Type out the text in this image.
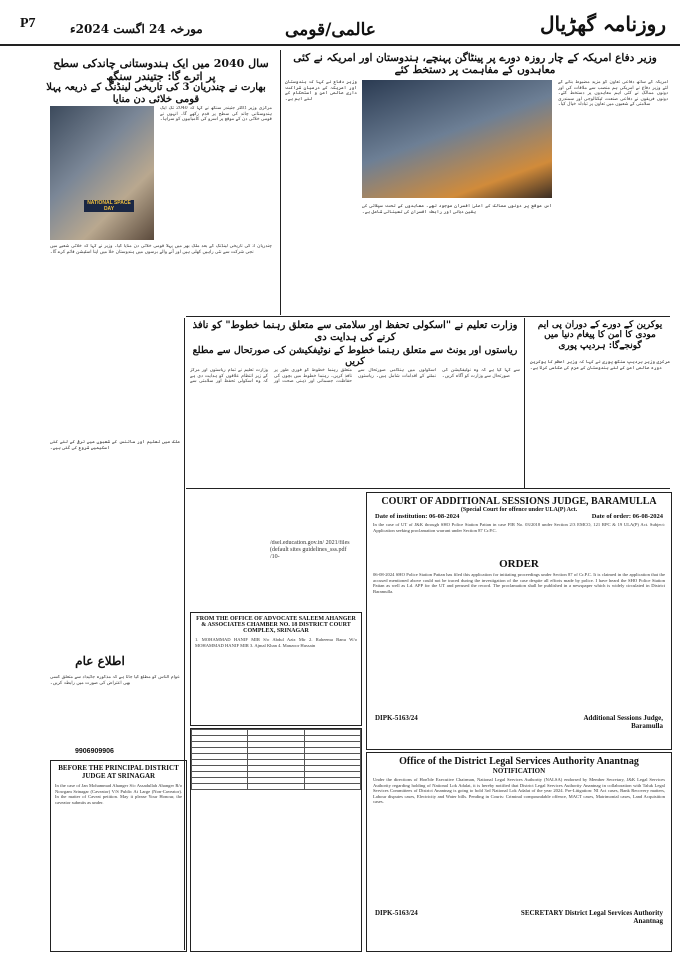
P7	مورخہ 24 اگست 2024ء	عالمی/قومی	روزنامہ گھڑیال
وزیر دفاع امریکہ کے چار روزہ دورے پر پینٹاگن پہنچے، ہندوستان اور امریکہ نے کئی معاہدوں کے مفاہمت پر دستخط کئے
امریکہ کے ساتھ دفاعی تعاون کو مزید مضبوط بنانے کے لئے وزیر دفاع نے امریکی ہم منصب سے ملاقات کی اور دونوں ممالک نے کئی اہم معاہدوں پر دستخط کئے۔ دونوں فریقوں نے دفاعی صنعت، ٹیکنالوجی اور سمندری سلامتی کے شعبوں میں تعاون پر تبادلہ خیال کیا۔
وزیر دفاع نے کہا کہ ہندوستان اور امریکہ کے درمیان شراکت داری عالمی امن و استحکام کے لئے اہم ہے۔
اس موقع پر دونوں ممالک کے اعلیٰ افسران موجود تھے۔ معاہدوں کے تحت سپلائی کی یقین دہانی اور رابطہ افسران کی تعیناتی شامل ہے۔
سال 2040 میں ایک ہندوستانی چاندکی سطح پر اترے گا: جتیندر سنگھ
بھارت نے چندریان 3 کی تاریخی لینڈنگ کے ذریعہ پہلا قومی خلائی دن منایا
NATIONAL SPACE DAY
مرکزی وزیر ڈاکٹر جتیندر سنگھ نے کہا کہ 2040 تک ایک ہندوستانی چاند کی سطح پر قدم رکھے گا۔ انہوں نے قومی خلائی دن کے موقع پر اسرو کی کامیابیوں کو سراہا۔
چندریان 3 کی تاریخی لینڈنگ کے بعد ملک بھر میں پہلا قومی خلائی دن منایا گیا۔ وزیر نے کہا کہ خلائی شعبے میں نجی شرکت سے نئی راہیں کھلی ہیں اور آنے والے برسوں میں ہندوستان خلا میں اپنا اسٹیشن قائم کرے گا۔
یوکرین کے دورے کے دوران پی ایم مودی کا امن کا پیغام دنیا میں گونجےگا: ہردیپ پوری
مرکزی وزیر ہردیپ سنگھ پوری نے کہا کہ وزیر اعظم کا یوکرین دورہ عالمی امن کے لئے ہندوستان کے عزم کی عکاسی کرتا ہے۔
وزارت تعلیم نے "اسکولی تحفظ اور سلامتی سے متعلق رہنما خطوط" کو نافذ کرنے کی ہدایت دی
ریاستوں اور یونٹ سے متعلق رہنما خطوط کے نوٹیفکیشن کی صورتحال سے مطلع کریں
وزارت تعلیم نے تمام ریاستوں اور مرکز کے زیر انتظام علاقوں کو ہدایت دی ہے کہ وہ اسکولی تحفظ اور سلامتی سے متعلق رہنما خطوط کو فوری طور پر نافذ کریں۔ رہنما خطوط میں بچوں کی حفاظت، جسمانی اور ذہنی صحت اور اسکولوں میں ہنگامی صورتحال سے نمٹنے کے اقدامات شامل ہیں۔ ریاستوں سے کہا گیا ہے کہ وہ نوٹیفکیشن کی صورتحال سے وزارت کو آگاہ کریں۔
/dsel.education.gov.in/ 2021/files (default sites guidelines_sss.pdf /10-
ملک میں تعلیم اور سائنس کے شعبوں میں ترقی کے لئے کئی اسکیمیں شروع کی گئی ہیں۔
FROM THE OFFICE OF ADVOCATE SALEEM AHANGER & ASSOCIATES CHAMBER NO. 18 DISTRICT COURT COMPLEX, SRINAGAR
1. MOHAMMAD HANIF MIR S/o Abdul Aziz Mir 2. Raheema Banu W/o MOHAMMAD HANIF MIR 3. Ajmal Khan 4. Manzoor Hussain
اطلاع عام
عوام الناس کو مطلع کیا جاتا ہے کہ مذکورہ جائیداد سے متعلق کسی بھی اعتراض کی صورت میں رابطہ کریں۔
9906909906
BEFORE THE PRINCIPAL DISTRICT JUDGE AT SRINAGAR
In the case of Jan Mohammad Ahanger S/o Assadullah Ahanger R/o Nowgam Srinagar (Caveator) V/S Public At Large (Non-Caveator). In the matter of Caveat petition. May it please Your Honour, the caveator submits as under.

COURT OF ADDITIONAL SESSIONS JUDGE, BARAMULLA
(Special Court for offence under ULA(P) Act.
Date of institution: 06-08-2024	Date of order: 06-08-2024
In the case of UT of J&K through SHO Police Station Pattan in case FIR No. 03/2018 under Section 2/3 EMCO, 121 RPC & 19 ULA(P) Act. Subject: Application seeking proclamation warrant under Section 87 Cr.P.C.
ORDER
06-08-2024 SHO Police Station Pattan has filed this application for initiating proceedings under Section 87 of Cr.P.C. It is claimed in the application that the accused mentioned above could not be traced during the investigation of the case despite all efforts made by police. I have heard the SHO Police Station Pattan as well as Ld. APP for the UT and perused the record. The proclamation shall be published in a newspaper which is widely circulated in District Baramulla.
DIPK-5163/24	Additional Sessions Judge, Baramulla
Office of the District Legal Services Authority Anantnag
NOTIFICATION
Under the directions of Hon'ble Executive Chairman, National Legal Services Authority (NALSA) endorsed by Member Secretary, J&K Legal Services Authority regarding holding of National Lok Adalat, it is hereby notified that District Legal Services Authority Anantnag in collaboration with Taluk Legal Services Committees of District Anantnag is going to hold 3rd National Lok Adalat of the year 2024. Pre-Litigation: NI Act cases, Bank Recovery matters, Labour disputes cases, Electricity and Water bills. Pending in Courts: Criminal compoundable offence, MACT cases, Matrimonial cases, Land Acquisition cases.
DIPK-5163/24	SECRETARY District Legal Services Authority Anantnag
